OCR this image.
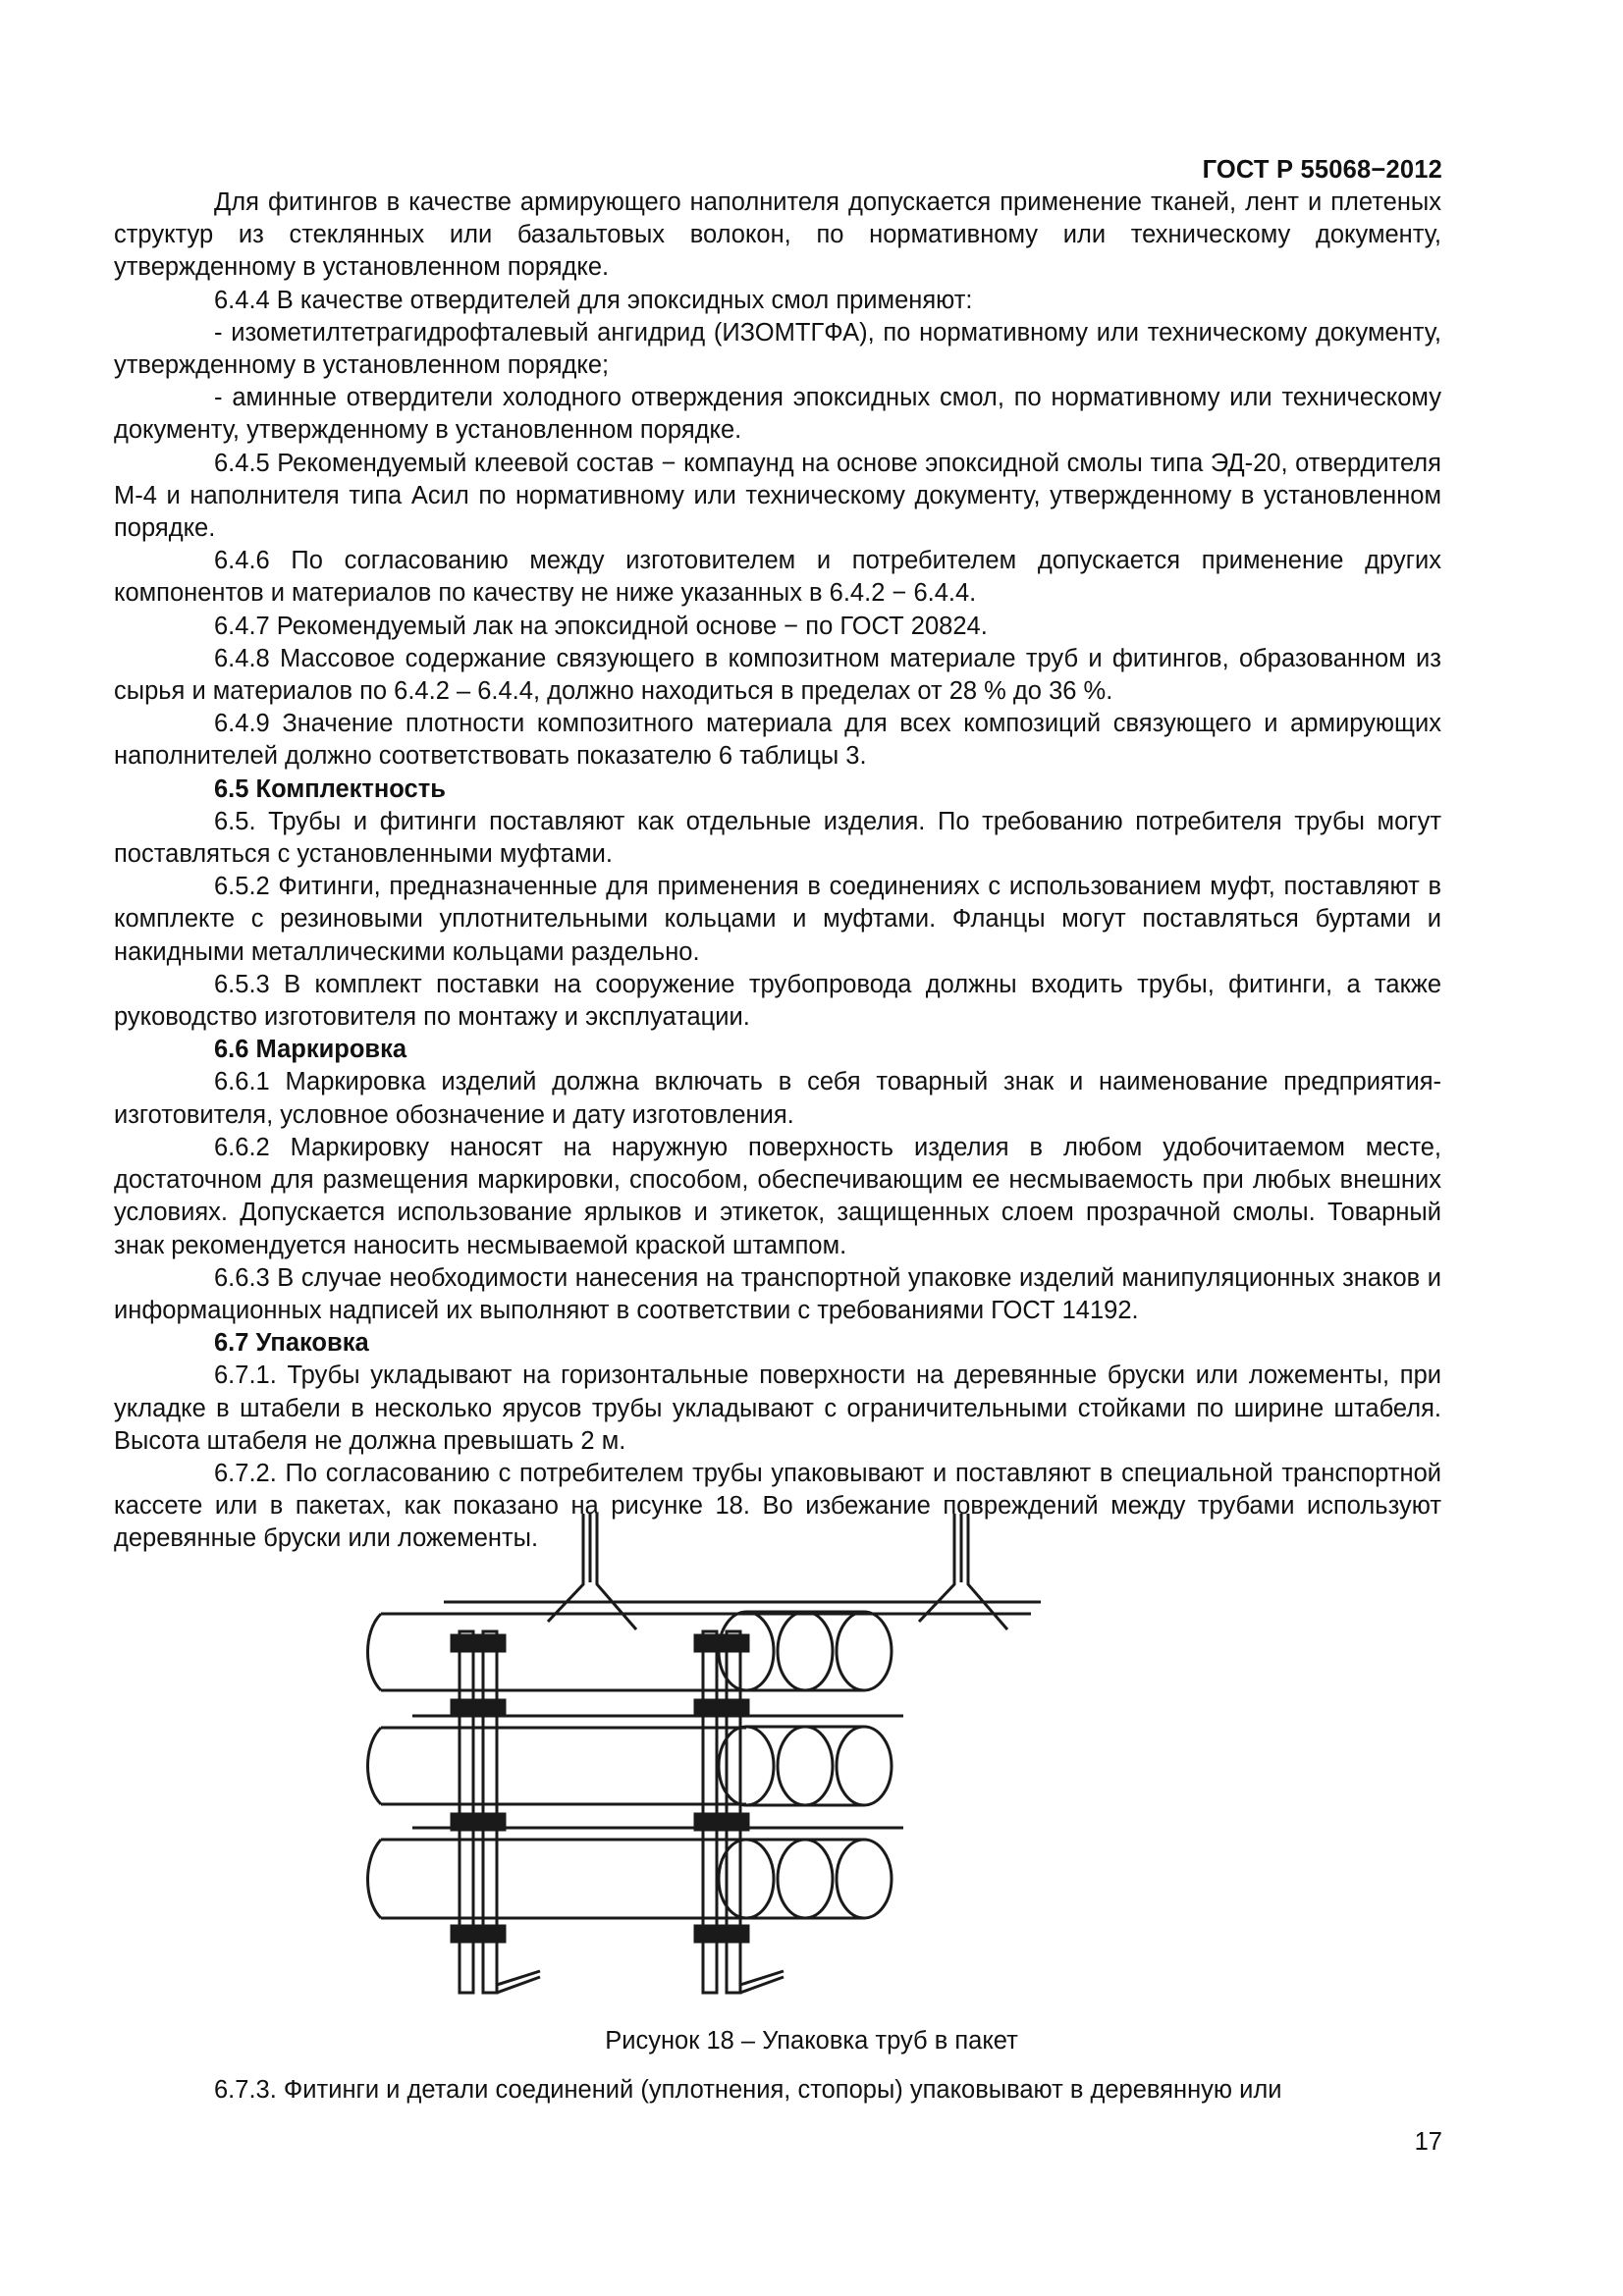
ГОСТ Р 55068−2012

Для фитингов в качестве армирующего наполнителя допускается применение тканей, лент и плетеных структур из стеклянных или базальтовых волокон, по нормативному или техническому документу, утвержденному в установленном порядке.

6.4.4 В качестве отвердителей для эпоксидных смол применяют:

- изометилтетрагидрофталевый ангидрид (ИЗОМТГФА), по нормативному или техническому документу, утвержденному в установленном порядке;

- аминные отвердители холодного отверждения эпоксидных смол, по нормативному или техническому документу, утвержденному в установленном порядке.

6.4.5 Рекомендуемый клеевой состав − компаунд на основе эпоксидной смолы типа ЭД-20, отвердителя М-4 и наполнителя типа Асил по нормативному или техническому документу, утвержденному в установленном порядке.

6.4.6 По согласованию между изготовителем и потребителем допускается применение других компонентов и материалов по качеству не ниже указанных в 6.4.2 − 6.4.4.

6.4.7 Рекомендуемый лак на эпоксидной основе − по ГОСТ 20824.

6.4.8 Массовое содержание связующего в композитном материале труб и фитингов, образованном из сырья и материалов по 6.4.2 – 6.4.4, должно находиться в пределах от 28 % до 36 %.

6.4.9 Значение плотности композитного материала для всех композиций связующего и армирующих наполнителей должно соответствовать показателю 6 таблицы 3.

6.5 Комплектность

6.5. Трубы и фитинги поставляют как отдельные изделия. По требованию потребителя трубы могут поставляться с установленными муфтами.

6.5.2 Фитинги, предназначенные для применения в соединениях с использованием муфт, поставляют в комплекте с резиновыми уплотнительными кольцами и муфтами. Фланцы могут поставляться буртами и накидными металлическими кольцами раздельно.

6.5.3 В комплект поставки на сооружение трубопровода должны входить трубы, фитинги, а также руководство изготовителя по монтажу и эксплуатации.

6.6 Маркировка

6.6.1 Маркировка изделий должна включать в себя товарный знак и наименование предприятия-изготовителя, условное обозначение и дату изготовления.

6.6.2 Маркировку наносят на наружную поверхность изделия в любом удобочитаемом месте, достаточном для размещения маркировки, способом, обеспечивающим ее несмываемость при любых внешних условиях. Допускается использование ярлыков и этикеток, защищенных слоем прозрачной смолы. Товарный знак рекомендуется наносить несмываемой краской штампом.

6.6.3 В случае необходимости нанесения на транспортной упаковке изделий манипуляционных знаков и информационных надписей их выполняют в соответствии с требованиями ГОСТ 14192.

6.7 Упаковка

6.7.1. Трубы укладывают на горизонтальные поверхности на деревянные бруски или ложементы, при укладке в штабели в несколько ярусов трубы укладывают с ограничительными стойками по ширине штабеля. Высота штабеля не должна превышать 2 м.

6.7.2. По согласованию с потребителем трубы упаковывают и поставляют в специальной транспортной кассете или в пакетах, как показано на рисунке 18. Во избежание повреждений между трубами используют деревянные бруски или ложементы.

Рисунок 18 – Упаковка труб в пакет

6.7.3. Фитинги и детали соединений (уплотнения, стопоры) упаковывают в деревянную или

17
